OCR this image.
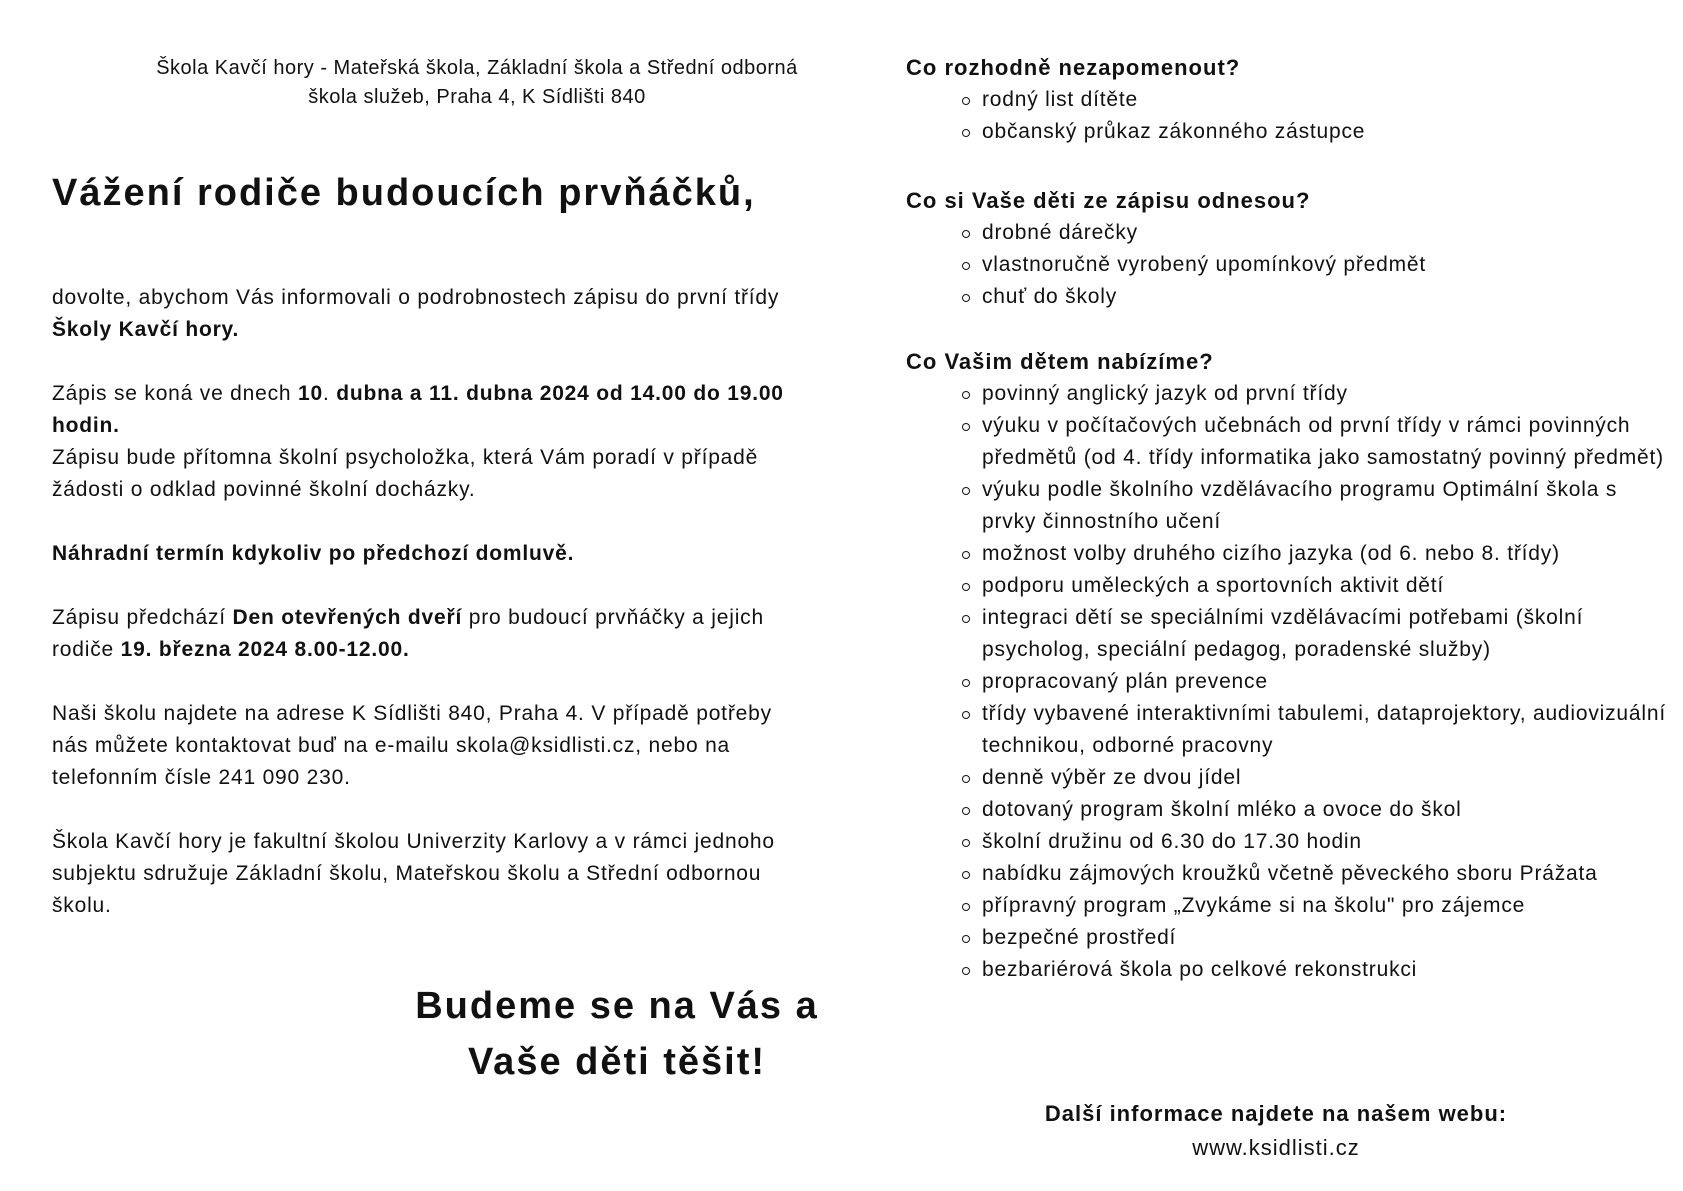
Škola Kavčí hory - Mateřská škola, Základní škola a Střední odborná
škola služeb, Praha 4, K Sídlišti 840
Vážení rodiče budoucích prvňáčků,

dovolte, abychom Vás informovali o podrobnostech zápisu do první třídy Školy Kavčí hory.

Zápis se koná ve dnech 10. dubna a 11. dubna 2024 od 14.00 do 19.00 hodin.
Zápisu bude přítomna školní psycholožka, která Vám poradí v případě žádosti o odklad povinné školní docházky.

Náhradní termín kdykoliv po předchozí domluvě.

Zápisu předchází Den otevřených dveří pro budoucí prvňáčky a jejich rodiče 19. března 2024 8.00-12.00.

Naši školu najdete na adrese K Sídlišti 840, Praha 4. V případě potřeby nás můžete kontaktovat buď na e-mailu skola@ksidlisti.cz, nebo na telefonním čísle 241 090 230.

Škola Kavčí hory je fakultní školou Univerzity Karlovy a v rámci jednoho subjektu sdružuje Základní školu, Mateřskou školu a Střední odbornou školu.

Budeme se na Vás a
Vaše děti těšit!
Co rozhodně nezapomenout?
rodný list dítěte
občanský průkaz zákonného zástupce
Co si Vaše děti ze zápisu odnesou?
drobné dárečky
vlastnoručně vyrobený upomínkový předmět
chuť do školy
Co Vašim dětem nabízíme?
povinný anglický jazyk od první třídy
výuku v počítačových učebnách od první třídy v rámci povinných předmětů (od 4. třídy informatika jako samostatný povinný předmět)
výuku podle školního vzdělávacího programu Optimální škola s prvky činnostního učení
možnost volby druhého cizího jazyka (od 6. nebo 8. třídy)
podporu uměleckých a sportovních aktivit dětí
integraci dětí se speciálními vzdělávacími potřebami (školní psycholog, speciální pedagog, poradenské služby)
propracovaný plán prevence
třídy vybavené interaktivními tabulemi, dataprojektory, audiovizuální technikou, odborné pracovny
denně výběr ze dvou jídel
dotovaný program školní mléko a ovoce do škol
školní družinu od 6.30 do 17.30 hodin
nabídku zájmových kroužků včetně pěveckého sboru Prážata
přípravný program „Zvykáme si na školu" pro zájemce
bezpečné prostředí
bezbariérová škola po celkové rekonstrukci
Další informace najdete na našem webu:
www.ksidlisti.cz
